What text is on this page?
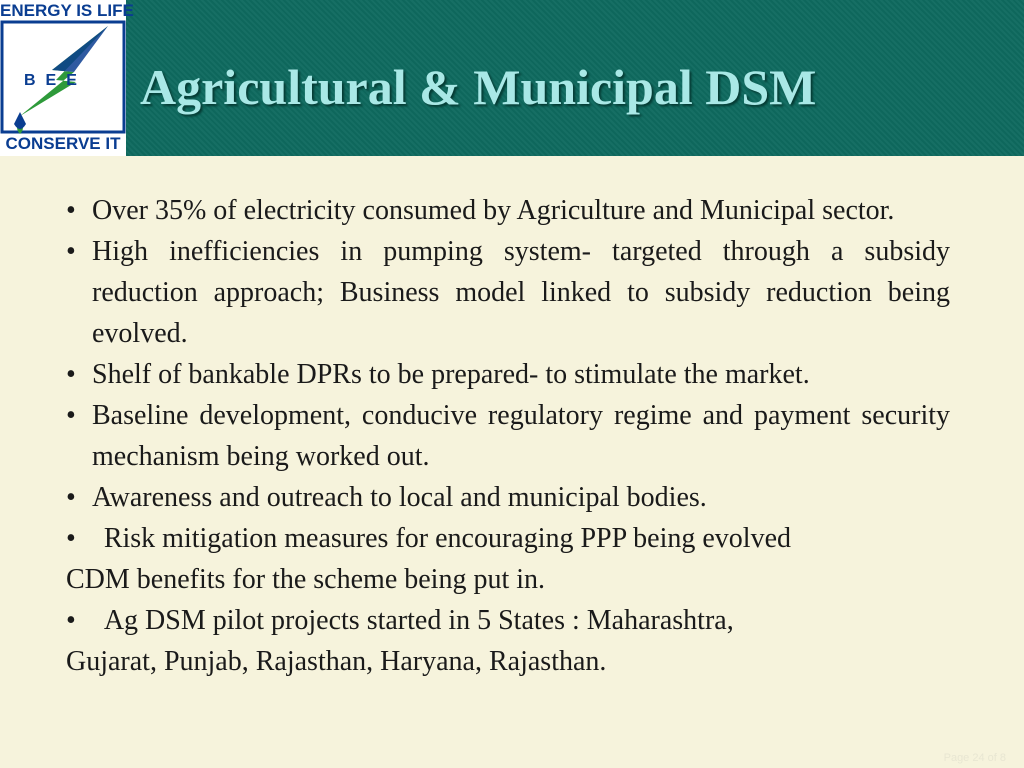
ENERGY IS LIFE
BEE
CONSERVE IT
Agricultural & Municipal DSM
• Over 35% of electricity consumed by Agriculture and Municipal sector.
• High inefficiencies in pumping system- targeted through a subsidy reduction approach; Business model linked to subsidy reduction being evolved.
• Shelf of bankable DPRs to be prepared- to stimulate the market.
• Baseline development, conducive regulatory regime and payment security mechanism being worked out.
• Awareness and outreach to local and municipal bodies.
• Risk mitigation measures for encouraging PPP being evolved
CDM benefits for the scheme being put in.
• Ag DSM pilot projects started in 5 States : Maharashtra,
Gujarat, Punjab, Rajasthan, Haryana, Rajasthan.
Page 24 of 8
